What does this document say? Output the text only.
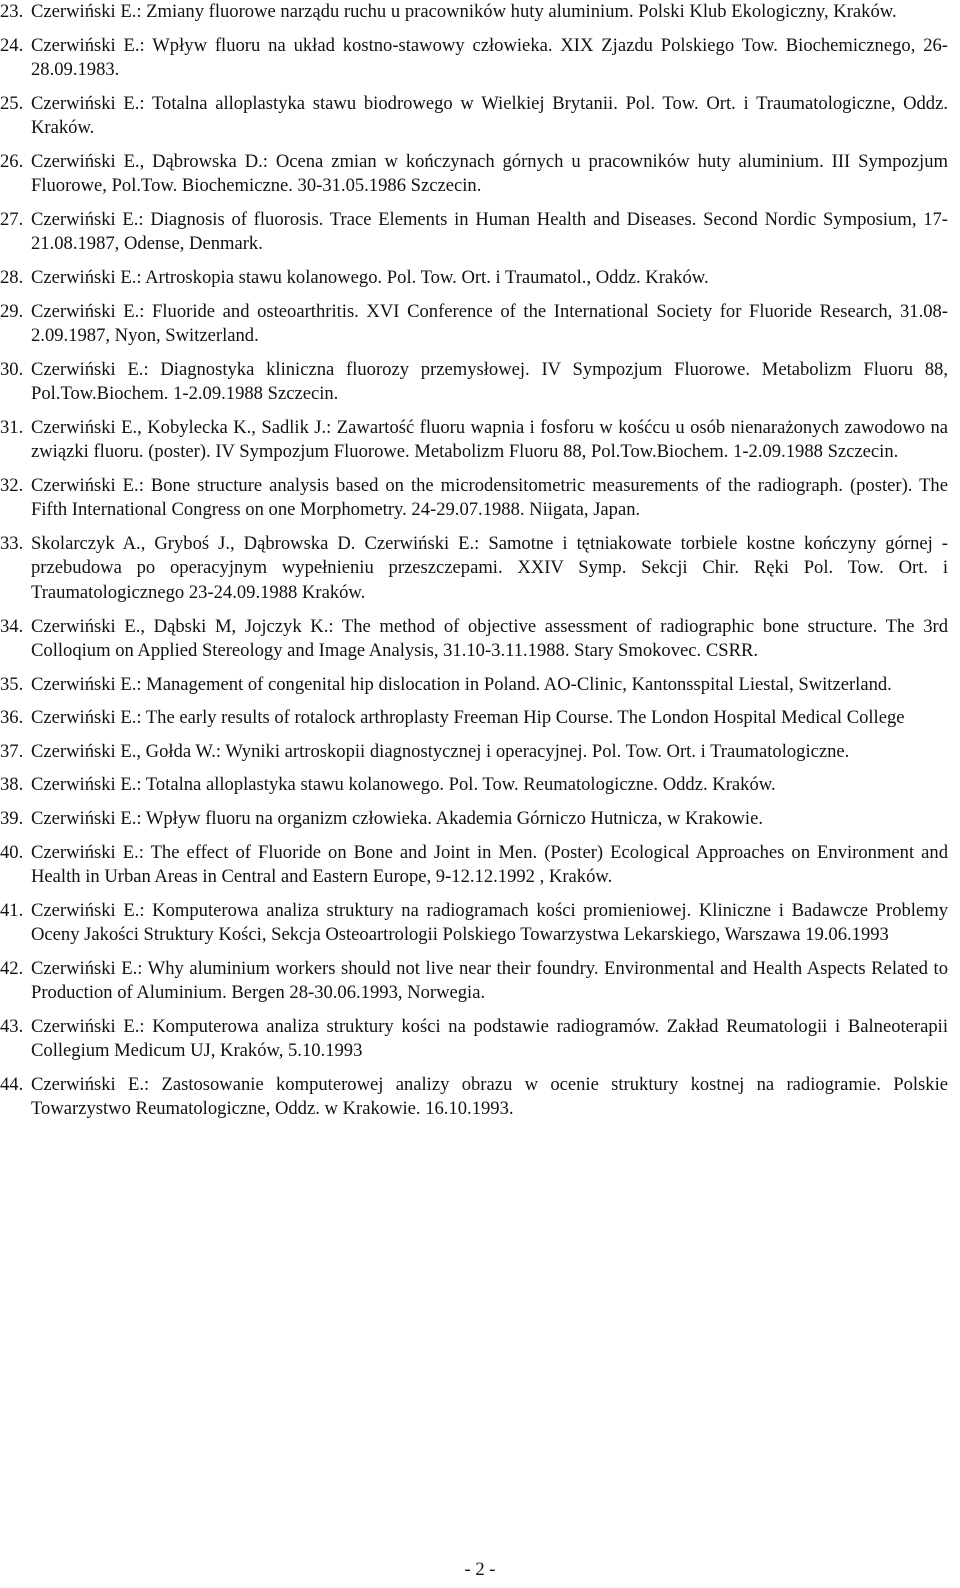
23. Czerwiński E.: Zmiany fluorowe narządu ruchu u pracowników huty aluminium. Polski Klub Ekologiczny, Kraków.
24. Czerwiński E.: Wpływ fluoru na układ kostno-stawowy człowieka. XIX Zjazdu Polskiego Tow. Biochemicznego, 26-28.09.1983.
25. Czerwiński E.: Totalna alloplastyka stawu biodrowego w Wielkiej Brytanii. Pol. Tow. Ort. i Traumatologiczne, Oddz. Kraków.
26. Czerwiński E., Dąbrowska D.: Ocena zmian w kończynach górnych u pracowników huty aluminium. III Sympozjum Fluorowe, Pol.Tow. Biochemiczne. 30-31.05.1986 Szczecin.
27. Czerwiński E.: Diagnosis of fluorosis. Trace Elements in Human Health and Diseases. Second Nordic Symposium, 17-21.08.1987, Odense, Denmark.
28. Czerwiński E.: Artroskopia stawu kolanowego. Pol. Tow. Ort. i Traumatol., Oddz. Kraków.
29. Czerwiński E.: Fluoride and osteoarthritis. XVI Conference of the International Society for Fluoride Research, 31.08-2.09.1987, Nyon, Switzerland.
30. Czerwiński E.: Diagnostyka kliniczna fluorozy przemysłowej. IV Sympozjum Fluorowe. Metabolizm Fluoru 88, Pol.Tow.Biochem. 1-2.09.1988 Szczecin.
31. Czerwiński E., Kobylecka K., Sadlik J.: Zawartość fluoru wapnia i fosforu w kośćcu u osób nienarażonych zawodowo na związki fluoru. (poster). IV Sympozjum Fluorowe. Metabolizm Fluoru 88, Pol.Tow.Biochem. 1-2.09.1988 Szczecin.
32. Czerwiński E.: Bone structure analysis based on the microdensitometric measurements of the radiograph. (poster). The Fifth International Congress on one Morphometry. 24-29.07.1988. Niigata, Japan.
33. Skolarczyk A., Gryboś J., Dąbrowska D. Czerwiński E.: Samotne i tętniakowate torbiele kostne kończyny górnej - przebudowa po operacyjnym wypełnieniu przeszczepami. XXIV Symp. Sekcji Chir. Ręki Pol. Tow. Ort. i Traumatologicznego 23-24.09.1988 Kraków.
34. Czerwiński E., Dąbski M, Jojczyk K.: The method of objective assessment of radiographic bone structure. The 3rd Colloqium on Applied Stereology and Image Analysis, 31.10-3.11.1988. Stary Smokovec. CSRR.
35. Czerwiński E.: Management of congenital hip dislocation in Poland. AO-Clinic, Kantonsspital Liestal, Switzerland.
36. Czerwiński E.: The early results of rotalock arthroplasty Freeman Hip Course. The London Hospital Medical College
37. Czerwiński E., Gołda W.: Wyniki artroskopii diagnostycznej i operacyjnej. Pol. Tow. Ort. i Traumatologiczne.
38. Czerwiński E.: Totalna alloplastyka stawu kolanowego. Pol. Tow. Reumatologiczne. Oddz. Kraków.
39. Czerwiński E.: Wpływ fluoru na organizm człowieka. Akademia Górniczo Hutnicza, w Krakowie.
40. Czerwiński E.: The effect of Fluoride on Bone and Joint in Men. (Poster) Ecological Approaches on Environment and Health in Urban Areas in Central and Eastern Europe, 9-12.12.1992 , Kraków.
41. Czerwiński E.: Komputerowa analiza struktury na radiogramach kości promieniowej. Kliniczne i Badawcze Problemy Oceny Jakości Struktury Kości, Sekcja Osteoartrologii Polskiego Towarzystwa Lekarskiego, Warszawa 19.06.1993
42. Czerwiński E.: Why aluminium workers should not live near their foundry. Environmental and Health Aspects Related to Production of Aluminium. Bergen 28-30.06.1993, Norwegia.
43. Czerwiński E.: Komputerowa analiza struktury kości na podstawie radiogramów. Zakład Reumatologii i Balneoterapii Collegium Medicum UJ, Kraków, 5.10.1993
44. Czerwiński E.: Zastosowanie komputerowej analizy obrazu w ocenie struktury kostnej na radiogramie. Polskie Towarzystwo Reumatologiczne, Oddz. w Krakowie. 16.10.1993.
- 2 -
